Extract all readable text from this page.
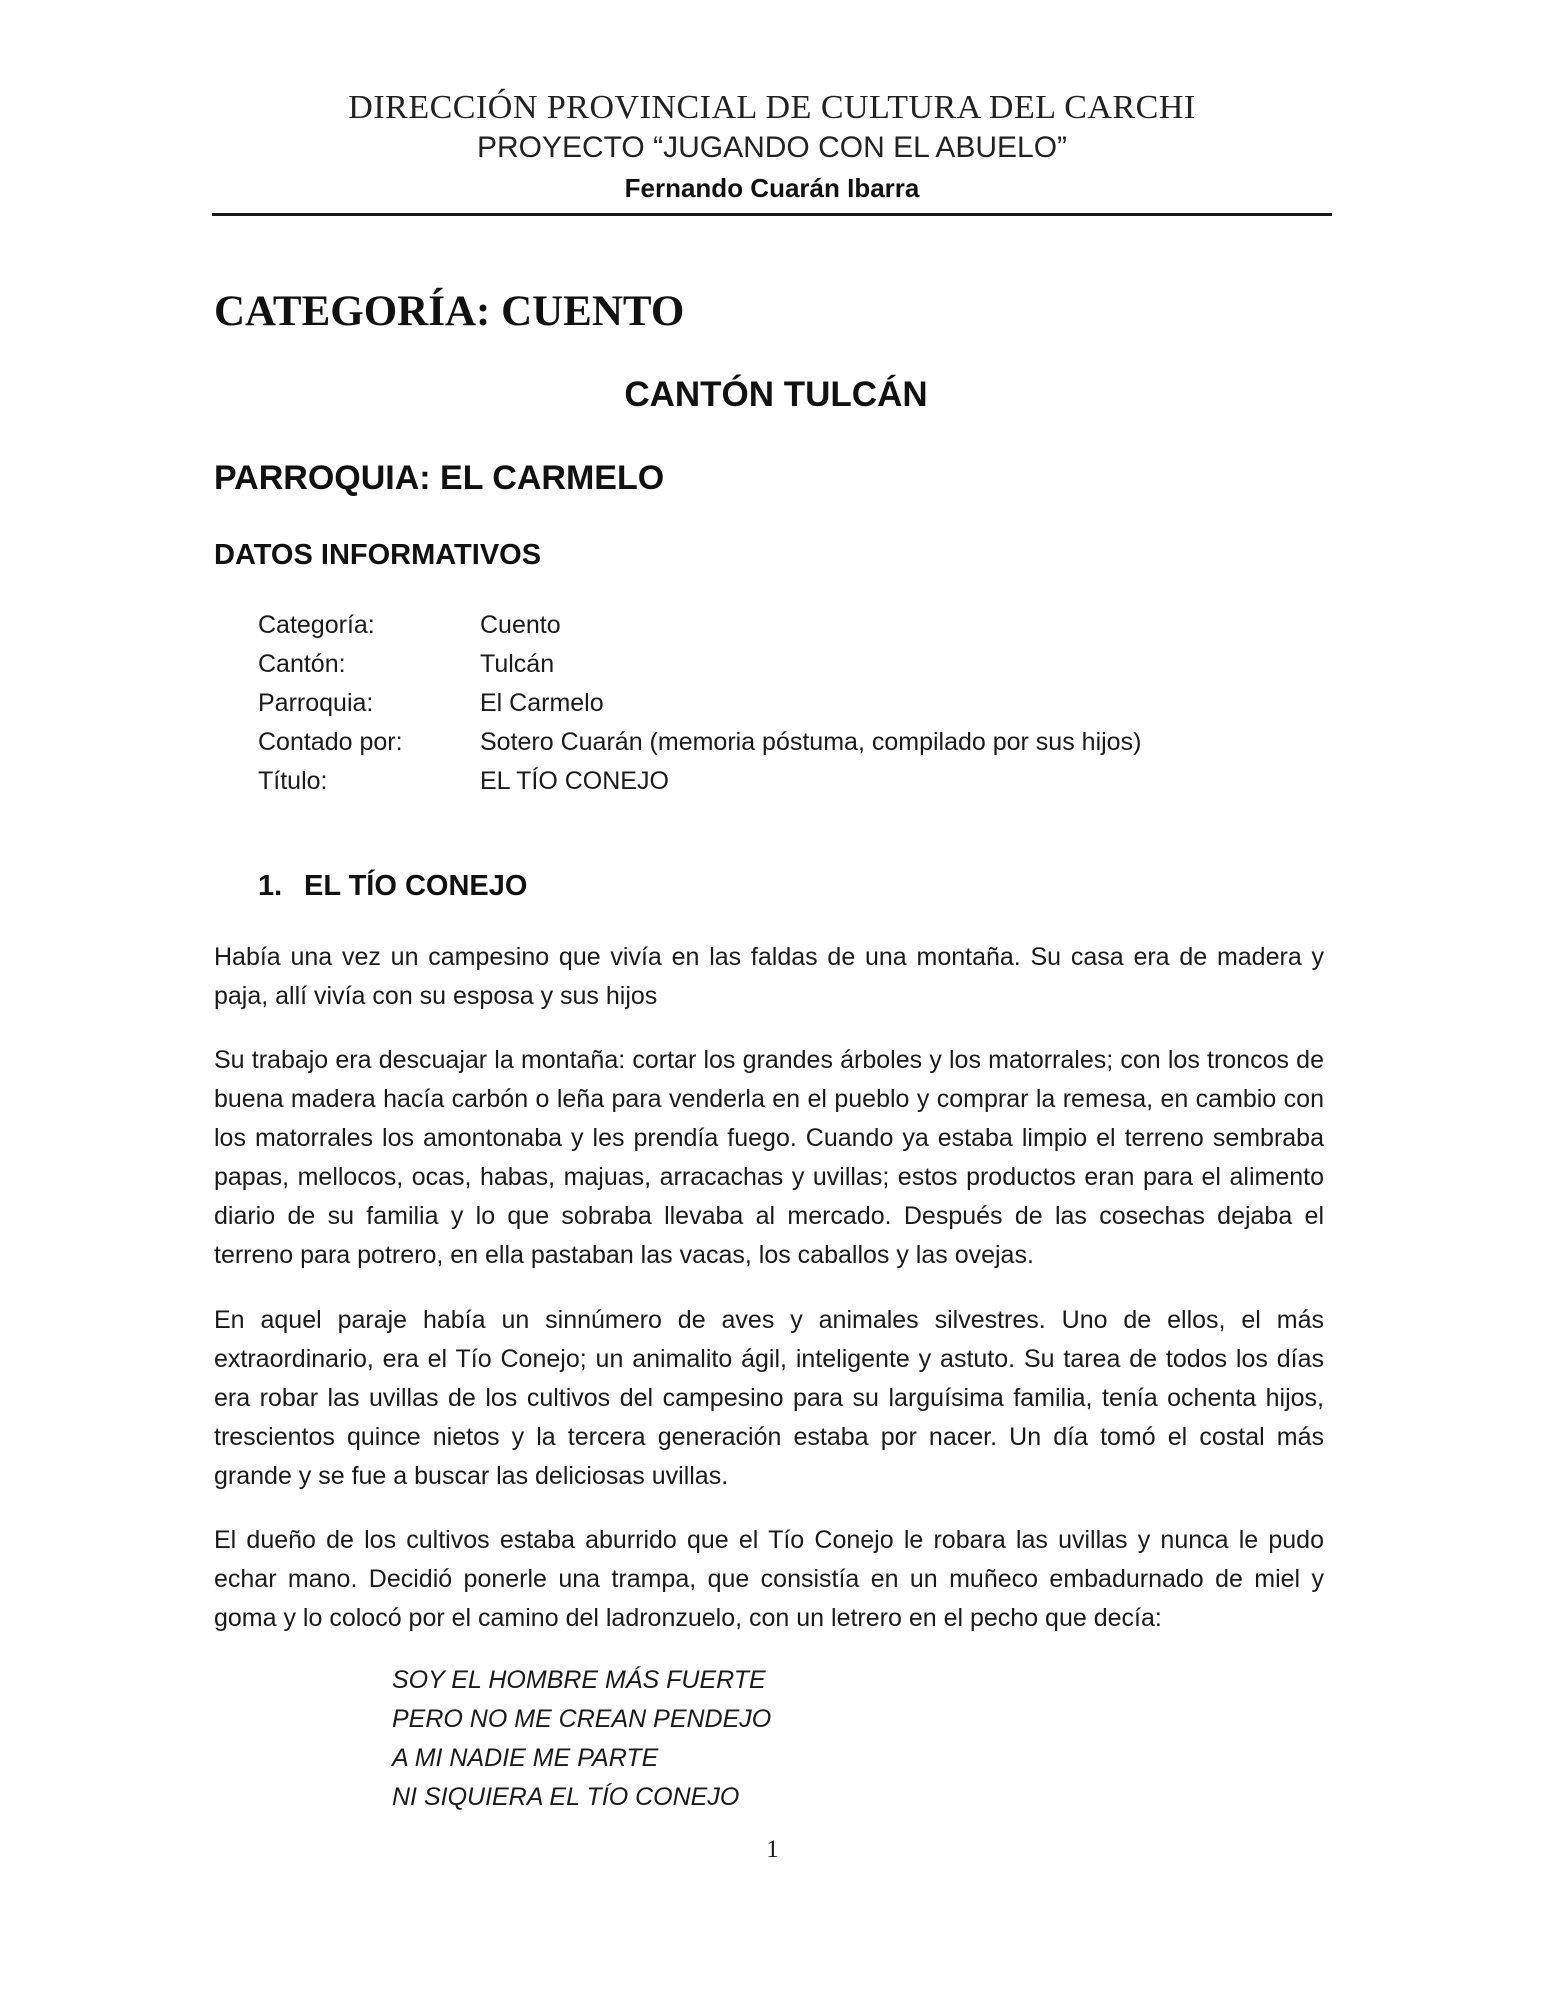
DIRECCIÓN PROVINCIAL DE CULTURA DEL CARCHI
PROYECTO “JUGANDO CON EL ABUELO”
Fernando Cuarán Ibarra
CATEGORÍA: CUENTO
CANTÓN TULCÁN
PARROQUIA: EL CARMELO
DATOS INFORMATIVOS
Categoría:	Cuento
Cantón:	Tulcán
Parroquia:	El Carmelo
Contado por:	Sotero Cuarán (memoria póstuma, compilado por sus hijos)
Título:	EL TÍO CONEJO
1. EL TÍO CONEJO

Había una vez un campesino que vivía en las faldas de una montaña. Su casa era de madera y paja, allí vivía con su esposa y sus hijos

Su trabajo era descuajar la montaña: cortar los grandes árboles y los matorrales; con los troncos de buena madera hacía carbón o leña para venderla en el pueblo y comprar la remesa, en cambio con los matorrales los amontonaba y les prendía fuego. Cuando ya estaba limpio el terreno sembraba papas, mellocos, ocas, habas, majuas, arracachas y uvillas; estos productos eran para el alimento diario de su familia y lo que sobraba llevaba al mercado. Después de las cosechas dejaba el terreno para potrero, en ella pastaban las vacas, los caballos y las ovejas.

En aquel paraje había un sinnúmero de aves y animales silvestres. Uno de ellos, el más extraordinario, era el Tío Conejo; un animalito ágil, inteligente y astuto. Su tarea de todos los días era robar las uvillas de los cultivos del campesino para su larguísima familia, tenía ochenta hijos, trescientos quince nietos y la tercera generación estaba por nacer. Un día tomó el costal más grande y se fue a buscar las deliciosas uvillas.

El dueño de los cultivos estaba aburrido que el Tío Conejo le robara las uvillas y nunca le pudo echar mano. Decidió ponerle una trampa, que consistía en un muñeco embadurnado de miel y goma y lo colocó por el camino del ladronzuelo, con un letrero en el pecho que decía:

SOY EL HOMBRE MÁS FUERTE
PERO NO ME CREAN PENDEJO
A MI NADIE ME PARTE
NI SIQUIERA EL TÍO CONEJO
1
